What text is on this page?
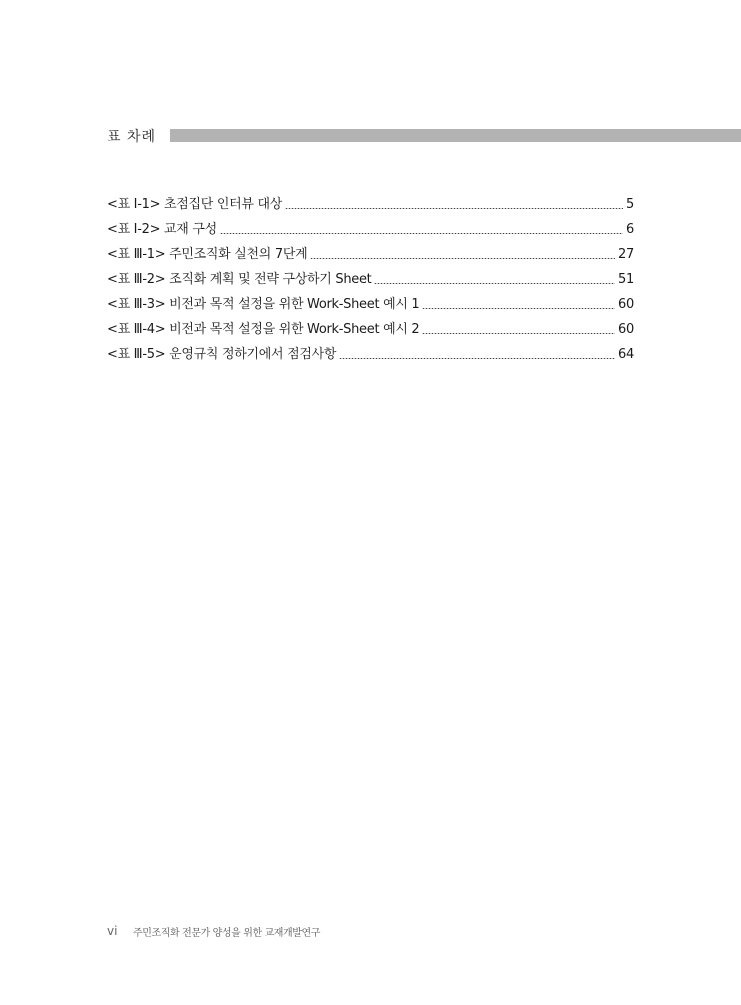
표 차례
<표 Ⅰ-1> 초점집단 인터뷰 대상	5
<표 Ⅰ-2> 교재 구성	6
<표 Ⅲ-1> 주민조직화 실천의 7단계	27
<표 Ⅲ-2> 조직화 계획 및 전략 구상하기 Sheet	51
<표 Ⅲ-3> 비전과 목적 설정을 위한 Work-Sheet 예시 1	60
<표 Ⅲ-4> 비전과 목적 설정을 위한 Work-Sheet 예시 2	60
<표 Ⅲ-5> 운영규칙 정하기에서 점검사항	64
vi	주민조직화 전문가 양성을 위한 교재개발연구
